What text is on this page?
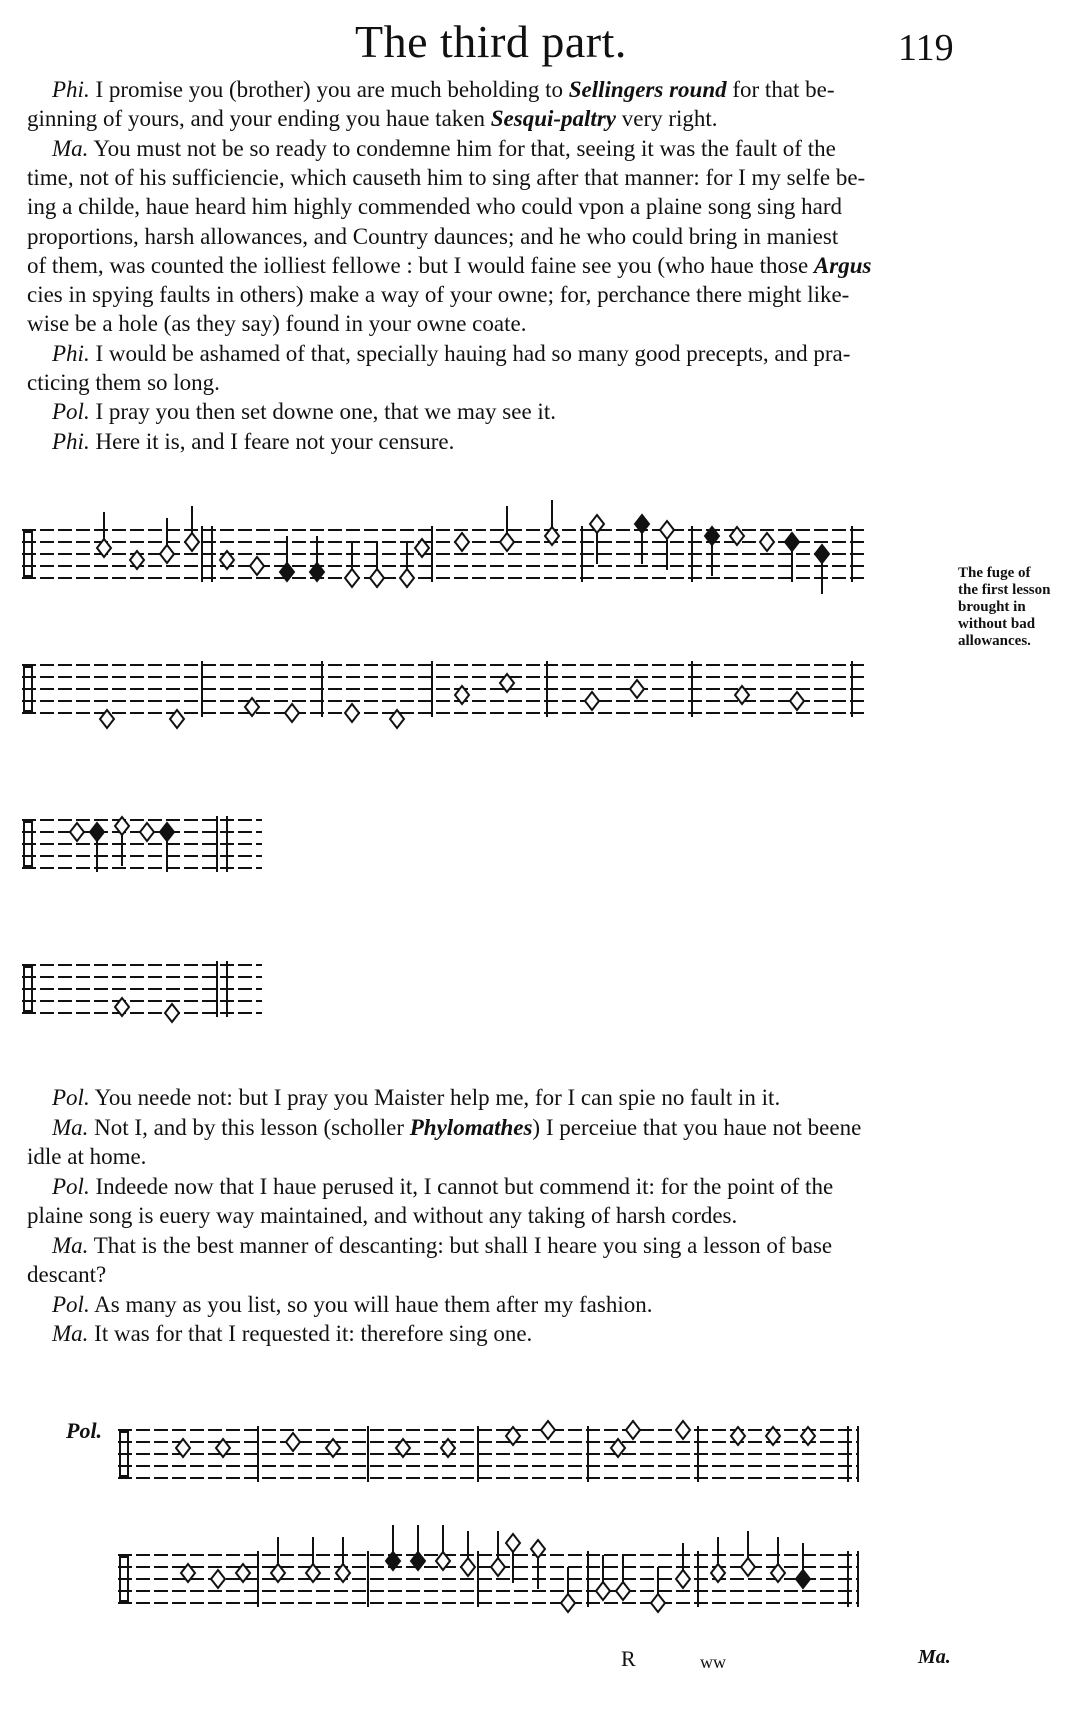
The third part.	119
Phi. I promise you (brother) you are much beholding to Sellingers round for that be-
ginning of yours, and your ending you haue taken Sesqui-paltry very right.
Ma. You must not be so ready to condemne him for that, seeing it was the fault of the
time, not of his sufficiencie, which causeth him to sing after that manner: for I my selfe be-
ing a childe, haue heard him highly commended who could vpon a plaine song sing hard
proportions, harsh allowances, and Country daunces; and he who could bring in maniest
of them, was counted the iolliest fellowe : but I would faine see you (who haue those Argus
cies in spying faults in others) make a way of your owne; for, perchance there might like-
wise be a hole (as they say) found in your owne coate.
Phi. I would be ashamed of that, specially hauing had so many good precepts, and pra-
cticing them so long.
Pol. I pray you then set downe one, that we may see it.
Phi. Here it is, and I feare not your censure.
Pol. You neede not: but I pray you Maister help me, for I can spie no fault in it.
Ma. Not I, and by this lesson (scholler Phylomathes) I perceiue that you haue not beene
idle at home.
Pol. Indeede now that I haue perused it, I cannot but commend it: for the point of the
plaine song is euery way maintained, and without any taking of harsh cordes.
Ma. That is the best manner of descanting: but shall I heare you sing a lesson of base
descant?
Pol. As many as you list, so you will haue them after my fashion.
Ma. It was for that I requested it: therefore sing one.
The fuge of
the first lesson
brought in
without bad
allowances.
Pol.
Ma.
R	ww
